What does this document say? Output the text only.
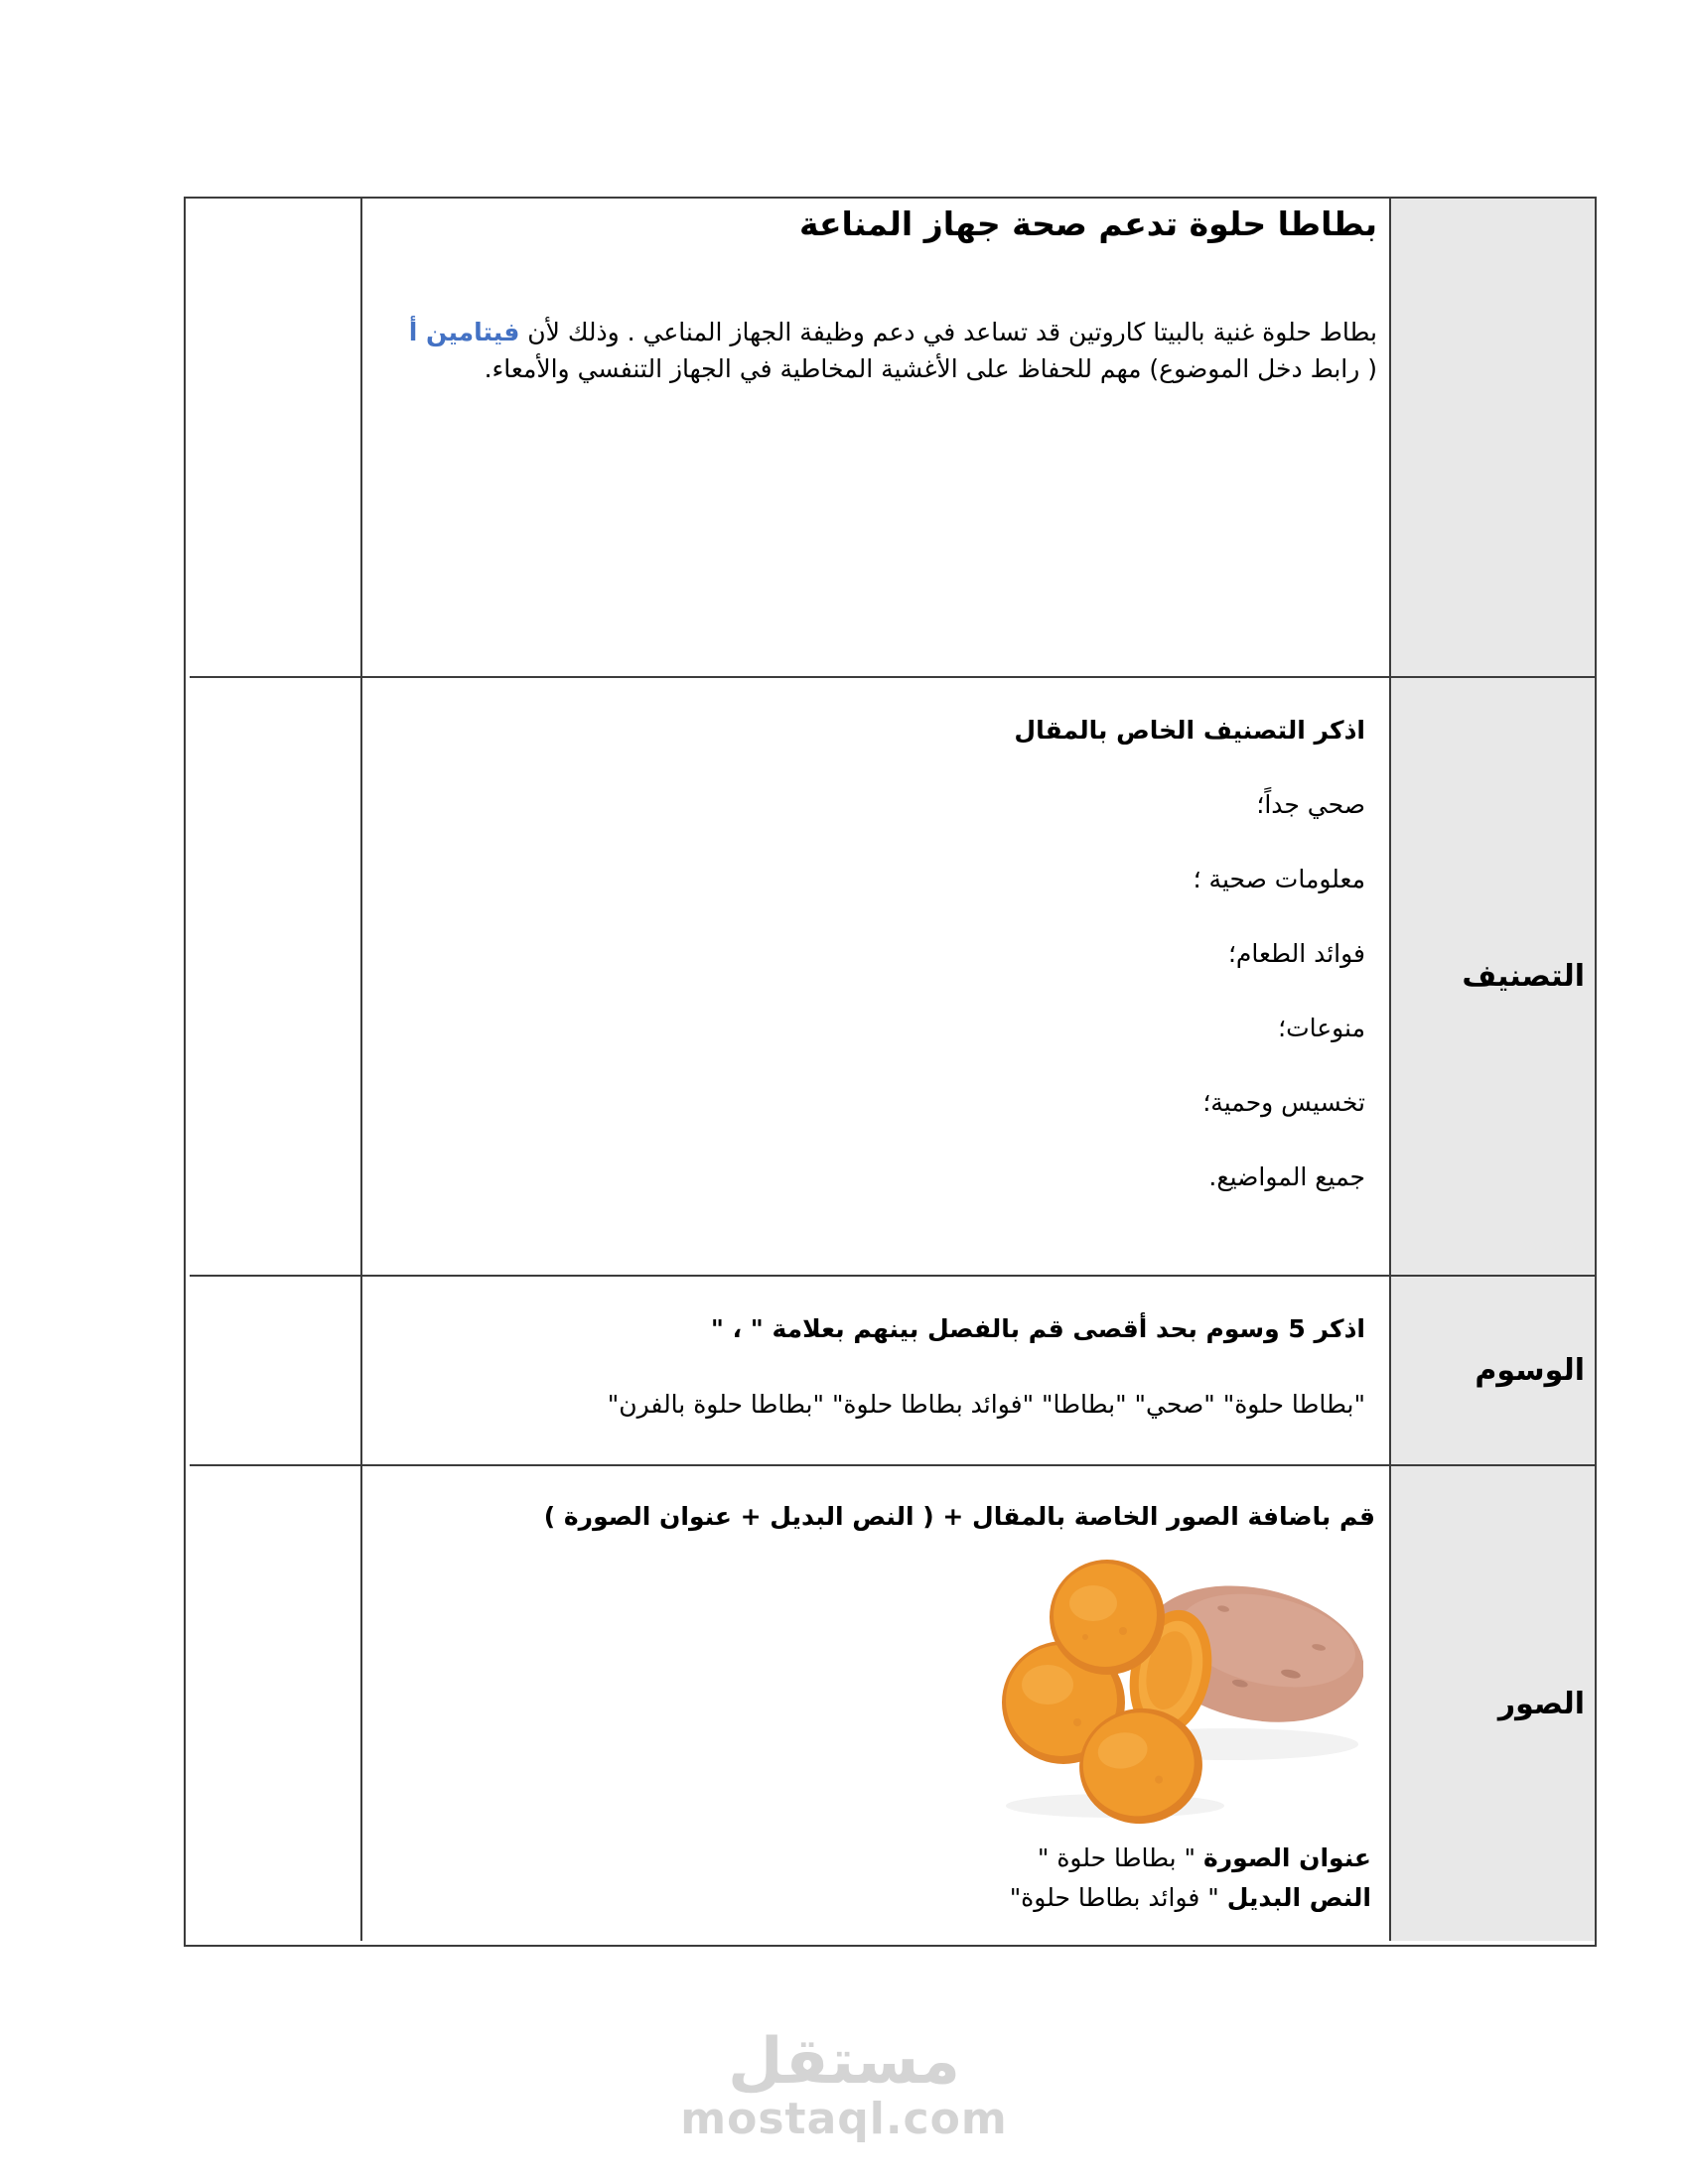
بطاطا حلوة تدعم صحة جهاز المناعة

بطاط حلوة غنية بالبيتا كاروتين قد تساعد في دعم وظيفة الجهاز المناعي . وذلك لأن فيتامين أ ( رابط دخل الموضوع) مهم للحفاظ على الأغشية المخاطية في الجهاز التنفسي والأمعاء.

التصنيف

اذكر التصنيف الخاص بالمقال

صحي جداً؛

معلومات صحية ؛

فوائد الطعام؛

منوعات؛

تخسيس وحمية؛

جميع المواضيع.

الوسوم

اذكر 5 وسوم بحد أقصى قم بالفصل بينهم بعلامة " ، "

"بطاطا حلوة" "صحي" "بطاطا" "فوائد بطاطا حلوة" "بطاطا حلوة بالفرن"

الصور

قم باضافة الصور الخاصة بالمقال + ( النص البديل + عنوان الصورة )

عنوان الصورة " بطاطا حلوة "

النص البديل " فوائد بطاطا حلوة"

مستقل

mostaql.com
